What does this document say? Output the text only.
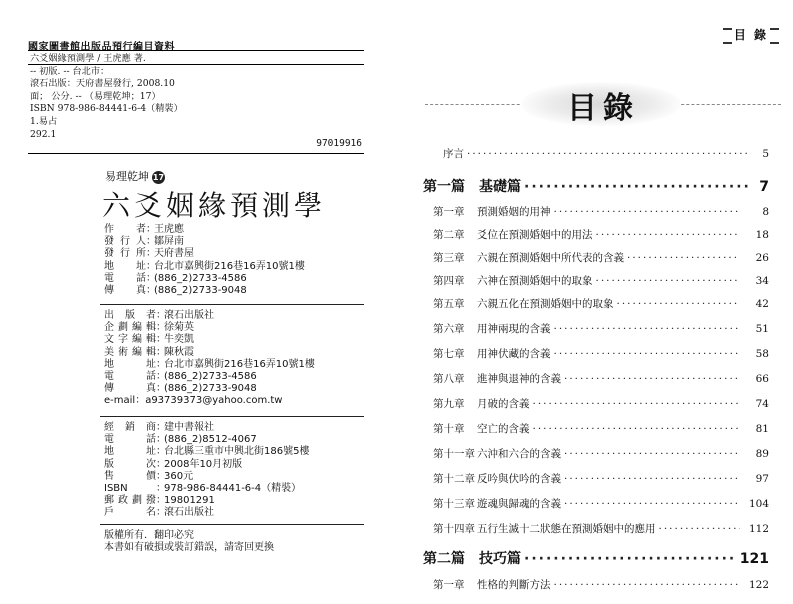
國家圖書館出版品預行編目資料
六爻姻緣預測學 / 王虎應 著.
-- 初版. -- 台北市：
滾石出版：天府書屋發行, 2008.10
面； 公分. -- （易理乾坤；17）
ISBN 978-986-84441-6-4（精裝）
1.易占
292.1
97019916
易理乾坤 17
六爻姻緣預測學
作　者：王虎應
發 行 人：鄒屏南
發 行 所：天府書屋
地　址：台北市嘉興街216巷16弄10號1樓
電　話：(886_2)2733-4586
傳　真：(886_2)2733-9048
出 版 者：滾石出版社
企劃編輯：徐菊英
文字編輯：牛奕凱
美術編輯：陳秋霞
地　址：台北市嘉興街216巷16弄10號1樓
電　話：(886_2)2733-4586
傳　真：(886_2)2733-9048
e-mail：a93739373@yahoo.com.tw
經 銷 商：建中書報社
電　話：(886_2)8512-4067
地　址：台北縣三重市中興北街186號5樓
版　次：2008年10月初版
售　價：360元
ISBN	：978-986-84441-6-4（精裝）
郵政劃撥：19801291
戶　名：滾石出版社
版權所有．翻印必究
本書如有破損或裝訂錯誤，請寄回更換
目 錄
目錄
序言 ·····	5
第一篇　基礎篇 ·····	7
第一章	預測婚姻的用神 ·····	8
第二章	爻位在預測婚姻中的用法 ·····	18
第三章	六親在預測婚姻中所代表的含義 ·····	26
第四章	六神在預測婚姻中的取象 ·····	34
第五章	六親五化在預測婚姻中的取象 ·····	42
第六章	用神兩現的含義 ·····	51
第七章	用神伏藏的含義 ·····	58
第八章	進神與退神的含義 ·····	66
第九章	月破的含義 ·····	74
第十章	空亡的含義 ·····	81
第十一章 六沖和六合的含義 ·····	89
第十二章 反吟與伏吟的含義 ·····	97
第十三章 遊魂與歸魂的含義 ·····	104
第十四章 五行生滅十二狀態在預測婚姻中的應用 ·····	112
第二篇　技巧篇 ·····	121
第一章	性格的判斷方法 ·····	122
